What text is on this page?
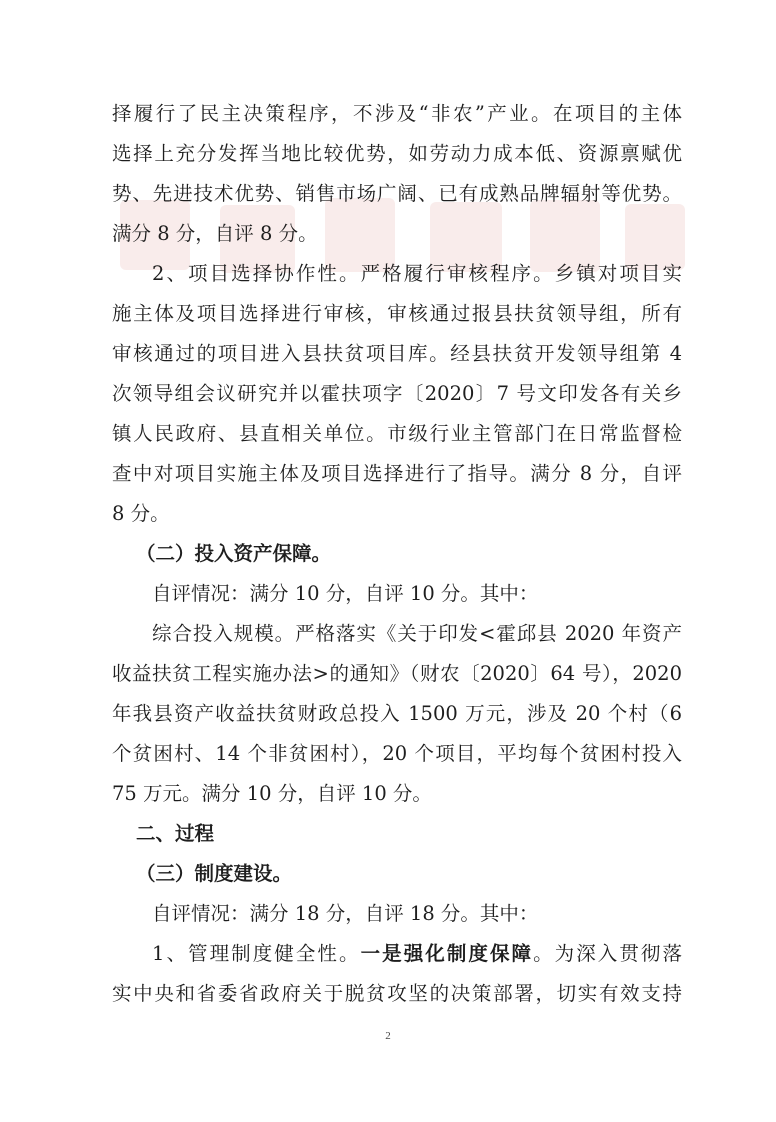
择履行了民主决策程序，不涉及“非农”产业。在项目的主体
选择上充分发挥当地比较优势，如劳动力成本低、资源禀赋优
势、先进技术优势、销售市场广阔、已有成熟品牌辐射等优势。
满分 8 分，自评 8 分。
2、项目选择协作性。严格履行审核程序。乡镇对项目实
施主体及项目选择进行审核，审核通过报县扶贫领导组，所有
审核通过的项目进入县扶贫项目库。经县扶贫开发领导组第 4
次领导组会议研究并以霍扶项字〔2020〕7 号文印发各有关乡
镇人民政府、县直相关单位。市级行业主管部门在日常监督检
查中对项目实施主体及项目选择进行了指导。满分 8 分，自评
8 分。
（二）投入资产保障。
自评情况：满分 10 分，自评 10 分。其中：
综合投入规模。严格落实《关于印发<霍邱县 2020 年资产
收益扶贫工程实施办法>的通知》（财农〔2020〕64 号），2020
年我县资产收益扶贫财政总投入 1500 万元，涉及 20 个村（6
个贫困村、14 个非贫困村），20 个项目，平均每个贫困村投入
75 万元。满分 10 分，自评 10 分。
二、过程
（三）制度建设。
自评情况：满分 18 分，自评 18 分。其中：
1、管理制度健全性。一是强化制度保障。为深入贯彻落
实中央和省委省政府关于脱贫攻坚的决策部署，切实有效支持
2
